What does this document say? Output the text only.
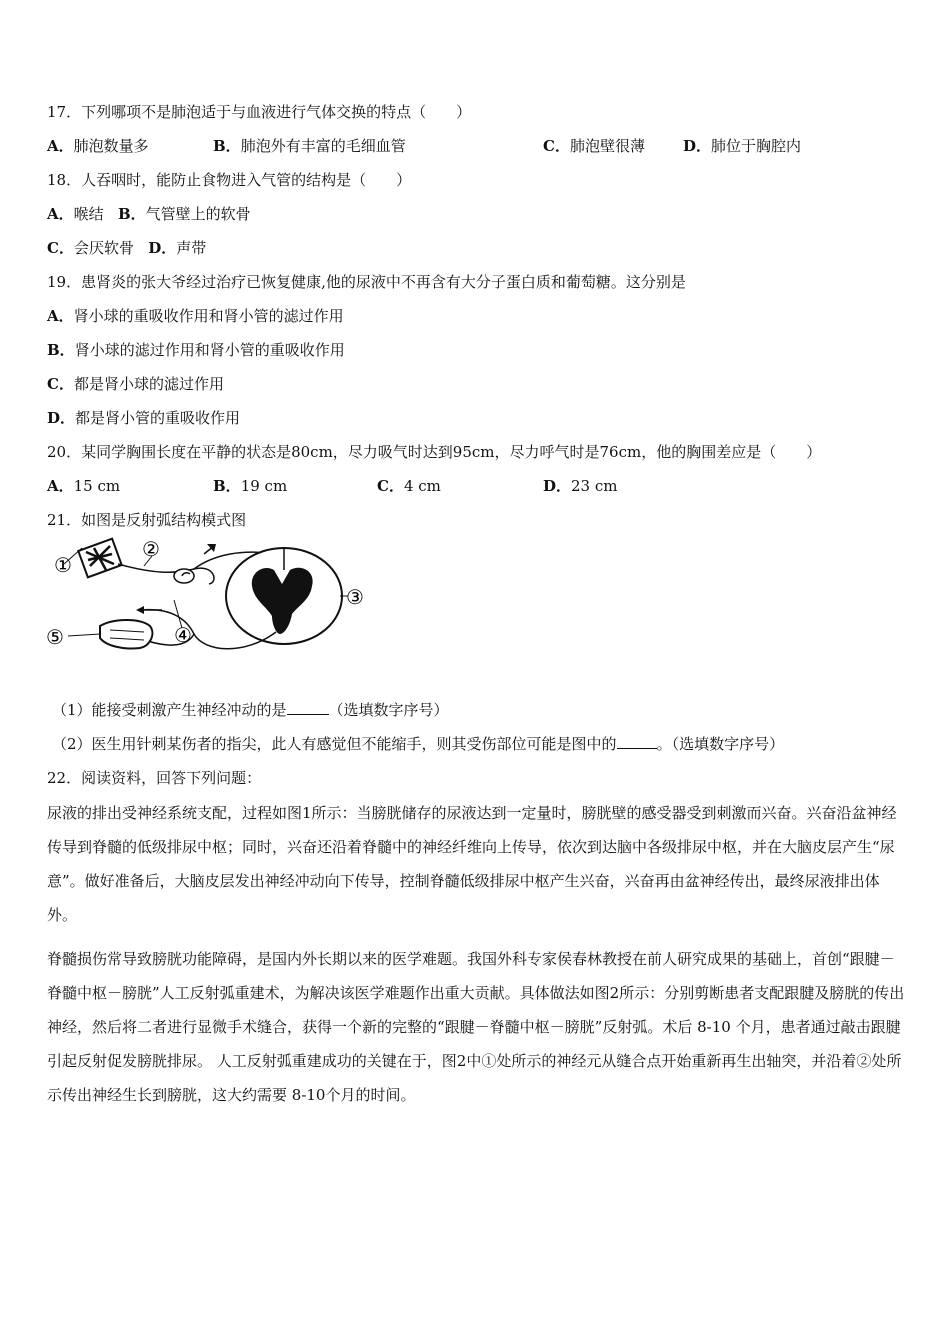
17．下列哪项不是肺泡适于与血液进行气体交换的特点（　　）
A．肺泡数量多	B．肺泡外有丰富的毛细血管	C．肺泡壁很薄	D．肺位于胸腔内
18．人吞咽时，能防止食物进入气管的结构是（　　）
A．喉结 B．气管壁上的软骨
C．会厌软骨 D．声带
19．患肾炎的张大爷经过治疗已恢复健康,他的尿液中不再含有大分子蛋白质和葡萄糖。这分别是
A．肾小球的重吸收作用和肾小管的滤过作用
B．肾小球的滤过作用和肾小管的重吸收作用
C．都是肾小球的滤过作用
D．都是肾小管的重吸收作用
20．某同学胸围长度在平静的状态是80cm，尽力吸气时达到95cm，尽力呼气时是76cm，他的胸围差应是（　　）
A．15 cm	B．19 cm	C．4 cm	D．23 cm
21．如图是反射弧结构模式图
①
②
③
④
⑤
（1）能接受刺激产生神经冲动的是	（选填数字序号）
（2）医生用针刺某伤者的指尖，此人有感觉但不能缩手，则其受伤部位可能是图中的	。（选填数字序号）
22．阅读资料，回答下列问题：
尿液的排出受神经系统支配，过程如图1所示：当膀胱储存的尿液达到一定量时，膀胱壁的感受器受到刺激而兴奋。兴奋沿盆神经传导到脊髓的低级排尿中枢；同时，兴奋还沿着脊髓中的神经纤维向上传导，依次到达脑中各级排尿中枢，并在大脑皮层产生“尿意”。做好准备后，大脑皮层发出神经冲动向下传导，控制脊髓低级排尿中枢产生兴奋，兴奋再由盆神经传出，最终尿液排出体外。
脊髓损伤常导致膀胱功能障碍，是国内外长期以来的医学难题。我国外科专家侯春林教授在前人研究成果的基础上，首创“跟腱－脊髓中枢－膀胱”人工反射弧重建术，为解决该医学难题作出重大贡献。具体做法如图2所示：分别剪断患者支配跟腱及膀胱的传出神经，然后将二者进行显微手术缝合，获得一个新的完整的“跟腱－脊髓中枢－膀胱”反射弧。术后 8-10 个月，患者通过敲击跟腱引起反射促发膀胱排尿。 人工反射弧重建成功的关键在于，图2中①处所示的神经元从缝合点开始重新再生出轴突，并沿着②处所示传出神经生长到膀胱，这大约需要 8-10个月的时间。
